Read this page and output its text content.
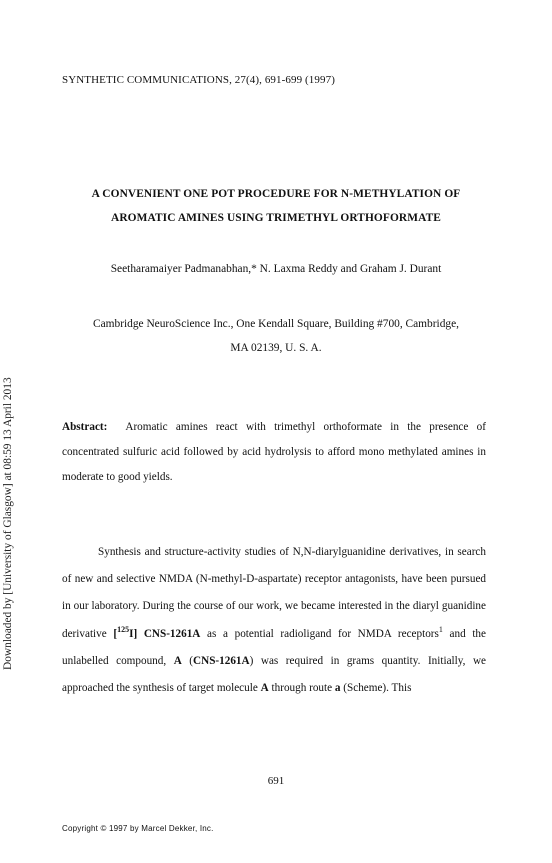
SYNTHETIC COMMUNICATIONS, 27(4), 691-699 (1997)
A CONVENIENT ONE POT PROCEDURE FOR N-METHYLATION OF
AROMATIC AMINES USING TRIMETHYL ORTHOFORMATE
Seetharamaiyer Padmanabhan,* N. Laxma Reddy and Graham J. Durant
Cambridge NeuroScience Inc., One Kendall Square, Building #700, Cambridge,
MA 02139, U. S. A.
Abstract: Aromatic amines react with trimethyl orthoformate in the presence of concentrated sulfuric acid followed by acid hydrolysis to afford mono methylated amines in moderate to good yields.

Synthesis and structure-activity studies of N,N-diarylguanidine derivatives, in search of new and selective NMDA (N-methyl-D-aspartate) receptor antagonists, have been pursued in our laboratory. During the course of our work, we became interested in the diaryl guanidine derivative [$^{125}$I] CNS-1261A as a potential radioligand for NMDA receptors$^1$ and the unlabelled compound, A (CNS-1261A) was required in grams quantity. Initially, we approached the synthesis of target molecule A through route a (Scheme). This

691
Copyright © 1997 by Marcel Dekker, Inc.
Downloaded by [University of Glasgow] at 08:59 13 April 2013
